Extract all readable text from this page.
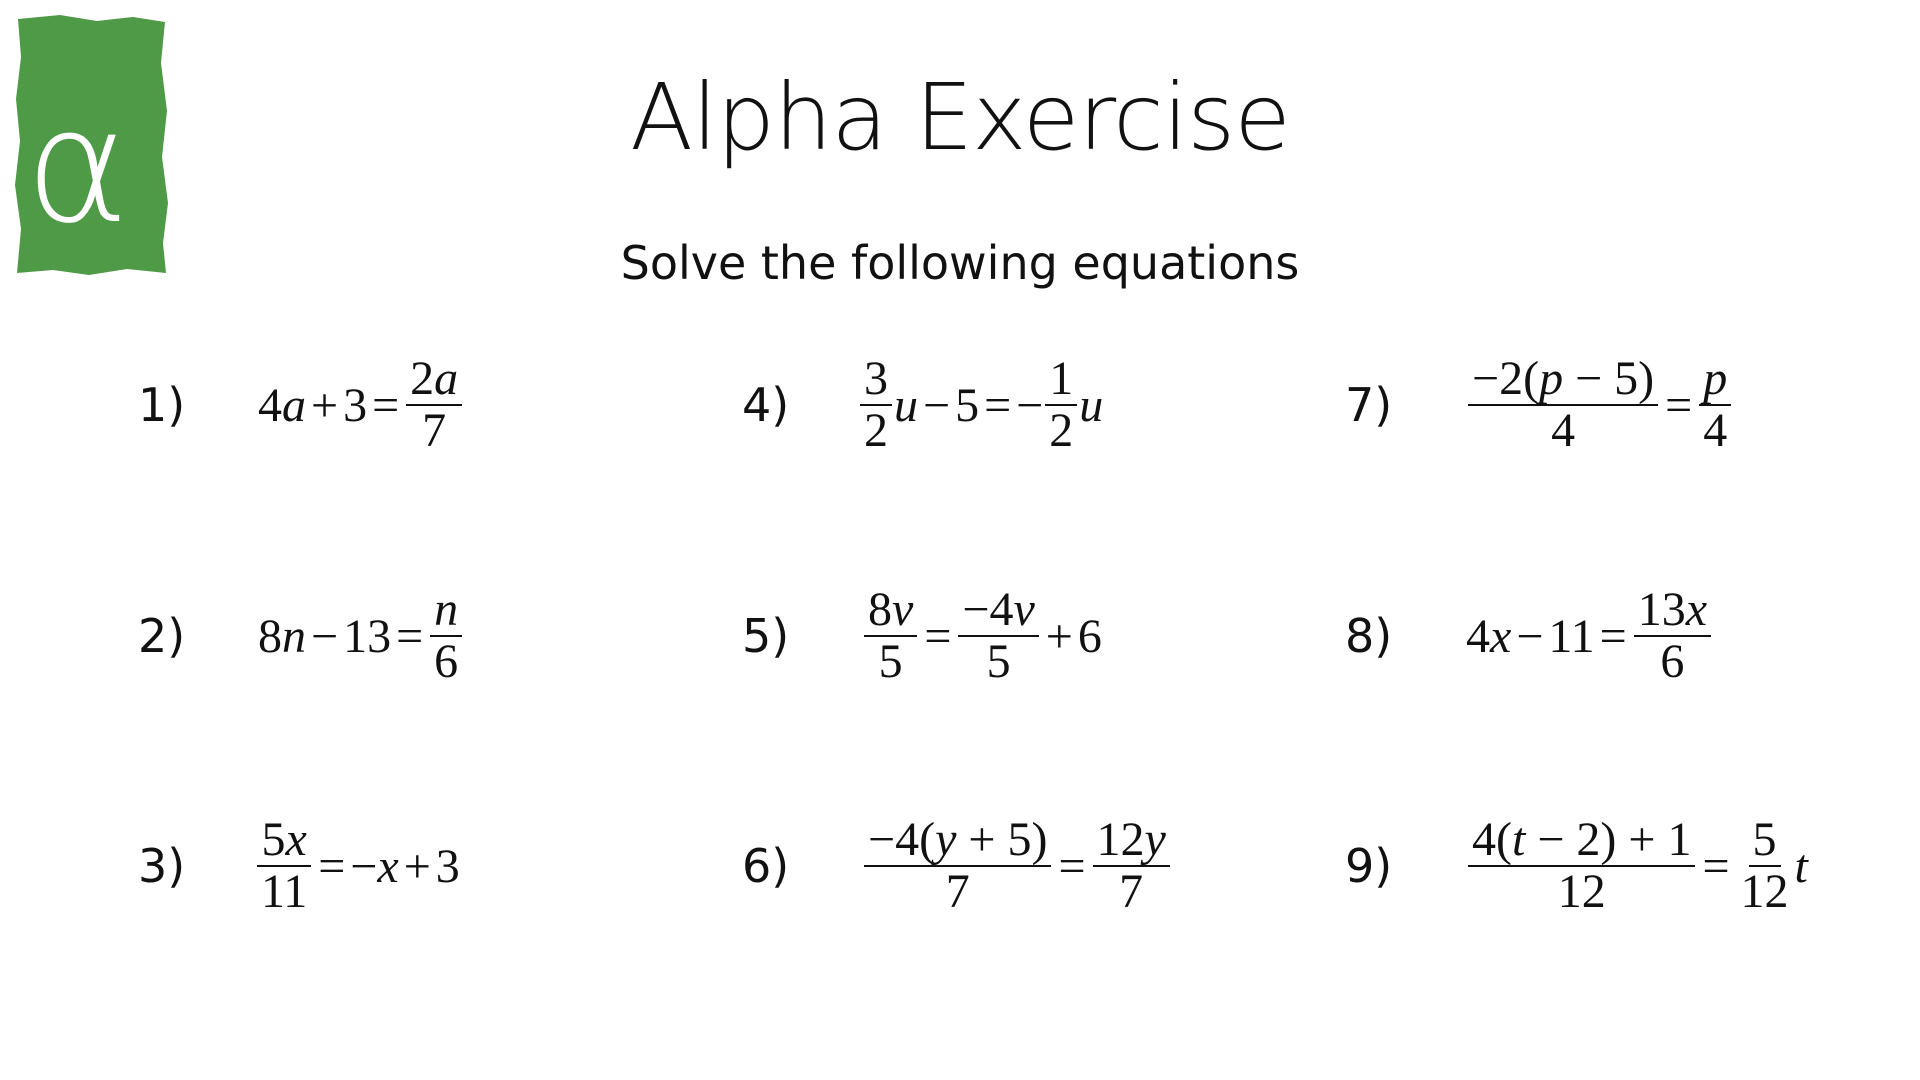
α	Alpha Exercise
Solve the following equations
1)
2)
3)
4)
5)
6)
7)
8)
9)
$4a + 3 = \frac{2a}{7}$
$8n - 13 = \frac{n}{6}$
$\frac{5x}{11} = -x + 3$
$\frac{3}{2}$ u − 5 = − $\frac{1}{2}$ u
$\frac{8v}{5} = \frac{-4v}{5} + 6$
$\frac{-4(y + 5)}{7} = \frac{12y}{7}$
$\frac{-2(p - 5)}{4} = \frac{p}{4}$
$4x - 11 = \frac{13x}{6}$
$\frac{4(t - 2) + 1}{12} = \frac{5}{12}$ t
